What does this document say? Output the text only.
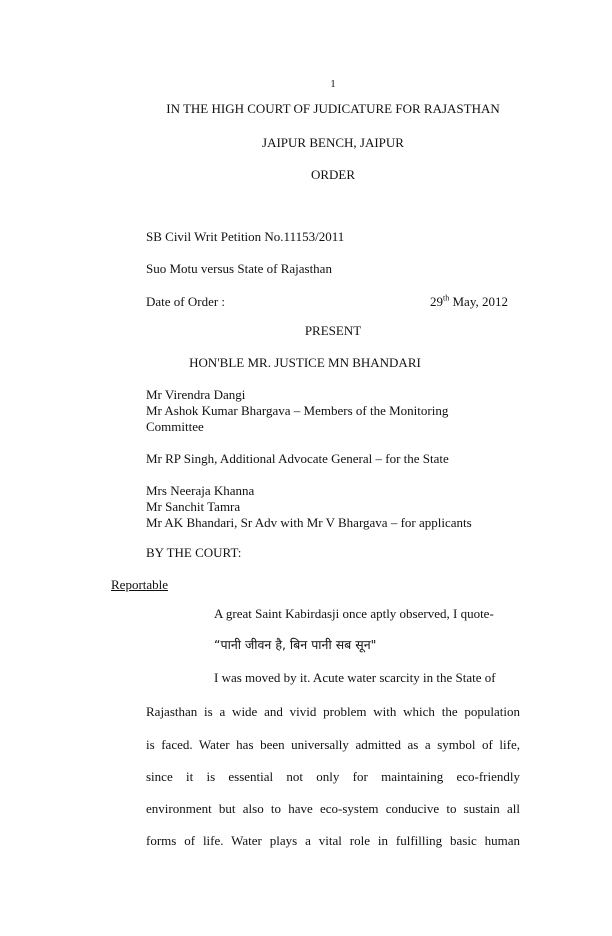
1
IN THE HIGH COURT OF JUDICATURE FOR RAJASTHAN
JAIPUR BENCH, JAIPUR
ORDER
SB Civil Writ Petition No.11153/2011
Suo Motu versus State of Rajasthan
Date of Order :	29th May, 2012
PRESENT
HON'BLE MR. JUSTICE MN BHANDARI
Mr Virendra Dangi
Mr Ashok Kumar Bhargava – Members of the Monitoring
Committee
Mr RP Singh, Additional Advocate General – for the State
Mrs Neeraja Khanna
Mr Sanchit Tamra
Mr AK Bhandari, Sr Adv with Mr V Bhargava – for applicants
BY THE COURT:
Reportable
A great Saint Kabirdasji once aptly observed, I quote-
“पानी जीवन है, बिन पानी सब सून"
I was moved by it. Acute water scarcity in the State of
Rajasthan is a wide and vivid problem with which the population
is faced. Water has been universally admitted as a symbol of life,
since it is essential not only for maintaining eco-friendly
environment but also to have eco-system conducive to sustain all
forms of life. Water plays a vital role in fulfilling basic human
